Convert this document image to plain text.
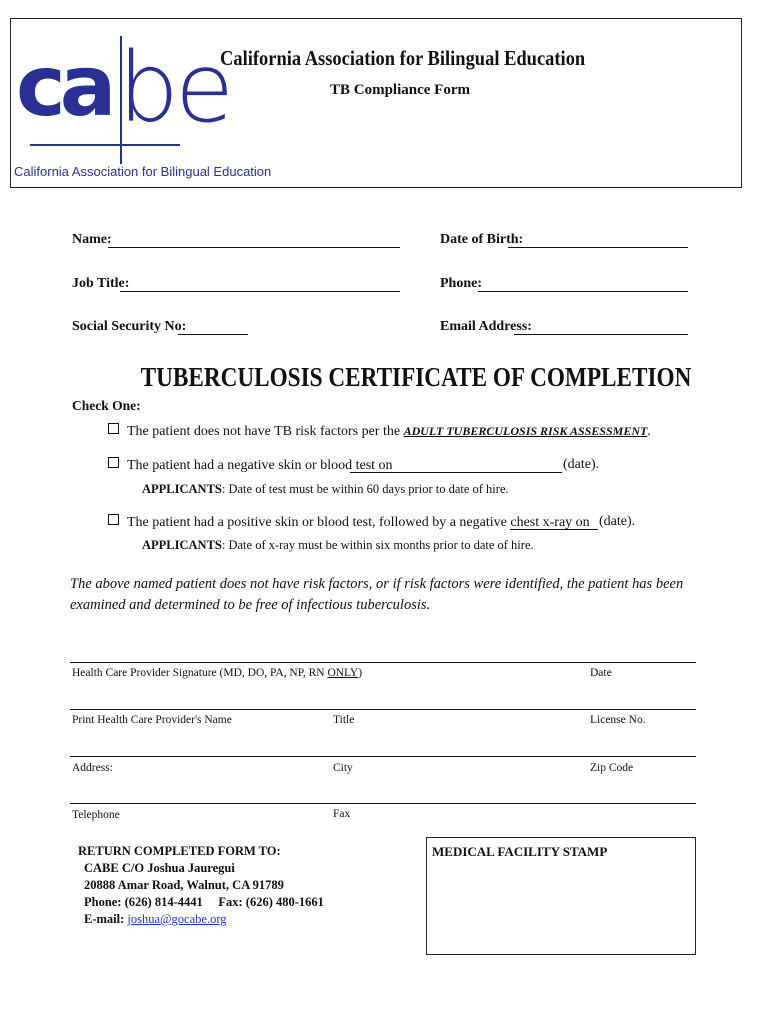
ca be
California Association for Bilingual Education
California Association for Bilingual Education
TB Compliance Form
Name:	Date of Birth:
Job Title:	Phone:
Social Security No:	Email Address:
TUBERCULOSIS CERTIFICATE OF COMPLETION
Check One:
The patient does not have TB risk factors per the ADULT TUBERCULOSIS RISK ASSESSMENT.
The patient had a negative skin or blood test on	(date).
APPLICANTS: Date of test must be within 60 days prior to date of hire.
The patient had a positive skin or blood test, followed by a negative chest x-ray on (date).
APPLICANTS: Date of x-ray must be within six months prior to date of hire.
The above named patient does not have risk factors, or if risk factors were identified, the patient has been examined and determined to be free of infectious tuberculosis.
Health Care Provider Signature (MD, DO, PA, NP, RN ONLY)	Date
Print Health Care Provider's Name	Title	License No.
Address:	City	Zip Code
Telephone	Fax
RETURN COMPLETED FORM TO:
CABE C/O Joshua Jauregui
20888 Amar Road, Walnut, CA 91789
Phone: (626) 814-4441 Fax: (626) 480-1661
E-mail: joshua@gocabe.org
MEDICAL FACILITY STAMP
